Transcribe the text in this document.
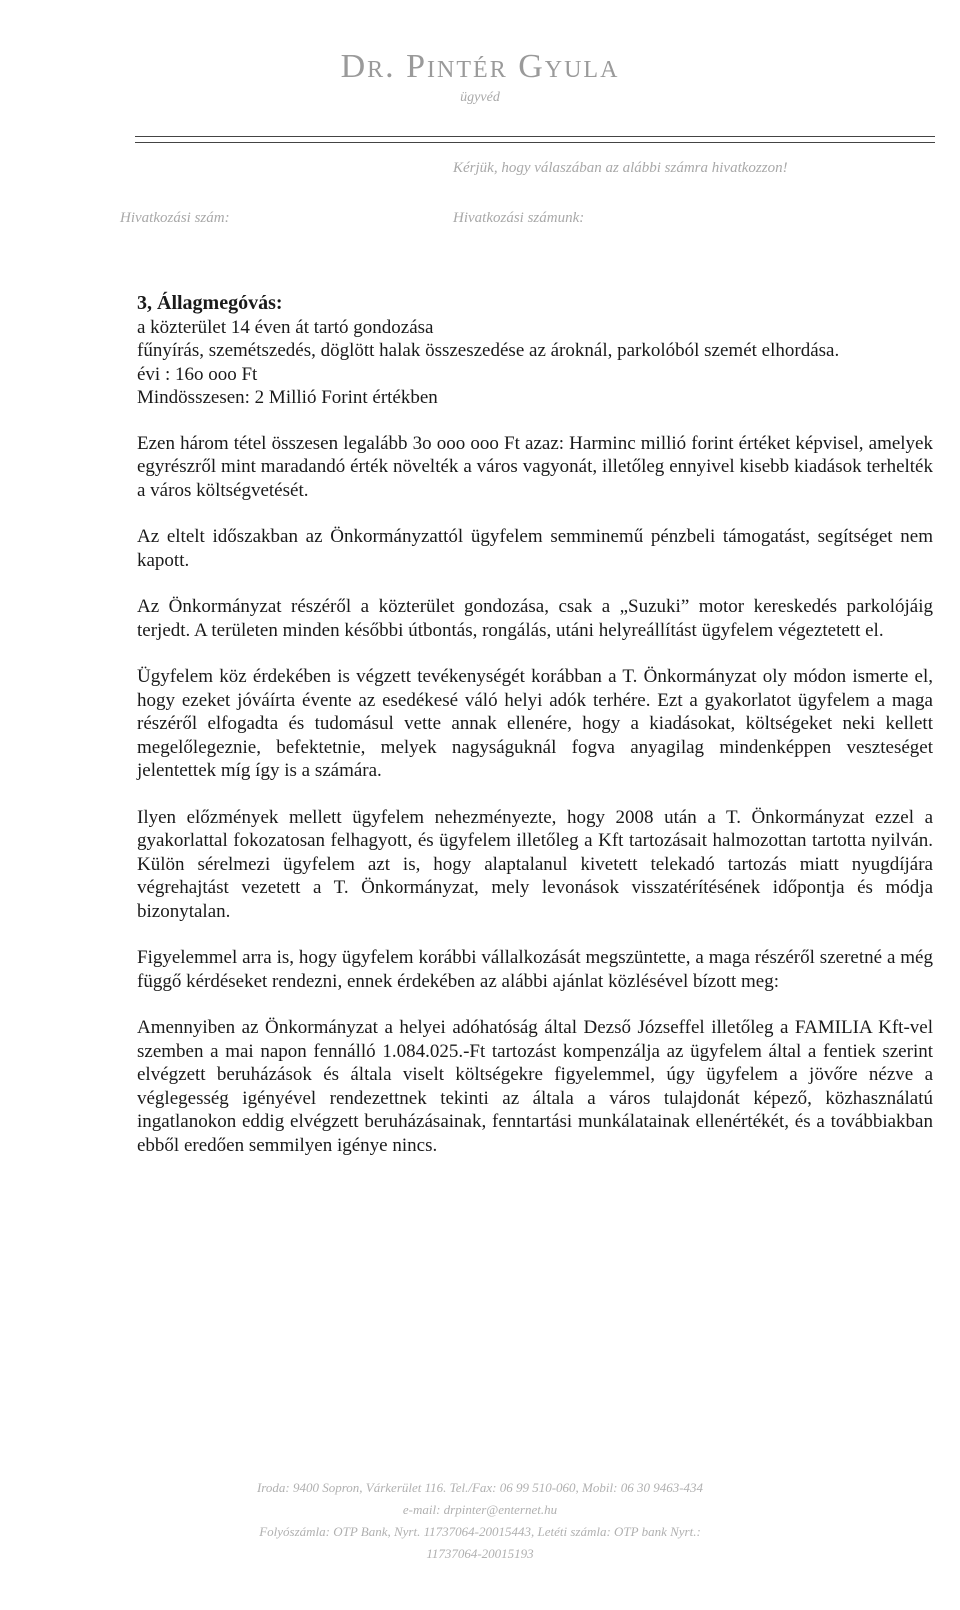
Dr. Pintér Gyula
ügyvéd
Kérjük, hogy válaszában az alábbi számra hivatkozzon!
Hivatkozási szám:	Hivatkozási számunk:
3, Állagmegóvás:
a közterület 14 éven át tartó gondozása
fűnyírás, szemétszedés, döglött halak összeszedése az ároknál, parkolóból szemét elhordása.
évi : 16o ooo Ft
Mindösszesen: 2 Millió Forint értékben

Ezen három tétel összesen legalább 3o ooo ooo Ft azaz: Harminc millió forint értéket képvisel, amelyek egyrészről mint maradandó érték növelték a város vagyonát, illetőleg ennyivel kisebb kiadások terhelték a város költségvetését.

Az eltelt időszakban az Önkormányzattól ügyfelem semminemű pénzbeli támogatást, segítséget nem kapott.

Az Önkormányzat részéről a közterület gondozása, csak a „Suzuki” motor kereskedés parkolójáig terjedt. A területen minden későbbi útbontás, rongálás, utáni helyreállítást ügyfelem végeztetett el.

Ügyfelem köz érdekében is végzett tevékenységét korábban a T. Önkormányzat oly módon ismerte el, hogy ezeket jóváírta évente az esedékesé váló helyi adók terhére. Ezt a gyakorlatot ügyfelem a maga részéről elfogadta és tudomásul vette annak ellenére, hogy a kiadásokat, költségeket neki kellett megelőlegeznie, befektetnie, melyek nagyságuknál fogva anyagilag mindenképpen veszteséget jelentettek míg így is a számára.

Ilyen előzmények mellett ügyfelem nehezményezte, hogy 2008 után a T. Önkormányzat ezzel a gyakorlattal fokozatosan felhagyott, és ügyfelem illetőleg a Kft tartozásait halmozottan tartotta nyilván. Külön sérelmezi ügyfelem azt is, hogy alaptalanul kivetett telekadó tartozás miatt nyugdíjára végrehajtást vezetett a T. Önkormányzat, mely levonások visszatérítésének időpontja és módja bizonytalan.

Figyelemmel arra is, hogy ügyfelem korábbi vállalkozását megszüntette, a maga részéről szeretné a még függő kérdéseket rendezni, ennek érdekében az alábbi ajánlat közlésével bízott meg:

Amennyiben az Önkormányzat a helyei adóhatóság által Dezső Józseffel illetőleg a FAMILIA Kft-vel szemben a mai napon fennálló 1.084.025.-Ft tartozást kompenzálja az ügyfelem által a fentiek szerint elvégzett beruházások és általa viselt költségekre figyelemmel, úgy ügyfelem a jövőre nézve a véglegesség igényével rendezettnek tekinti az általa a város tulajdonát képező, közhasználatú ingatlanokon eddig elvégzett beruházásainak, fenntartási munkálatainak ellenértékét, és a továbbiakban ebből eredően semmilyen igénye nincs.

Iroda: 9400 Sopron, Várkerület 116. Tel./Fax: 06 99 510-060, Mobil: 06 30 9463-434
e-mail: drpinter@enternet.hu
Folyószámla: OTP Bank, Nyrt. 11737064-20015443, Letéti számla: OTP bank Nyrt.:
11737064-20015193
